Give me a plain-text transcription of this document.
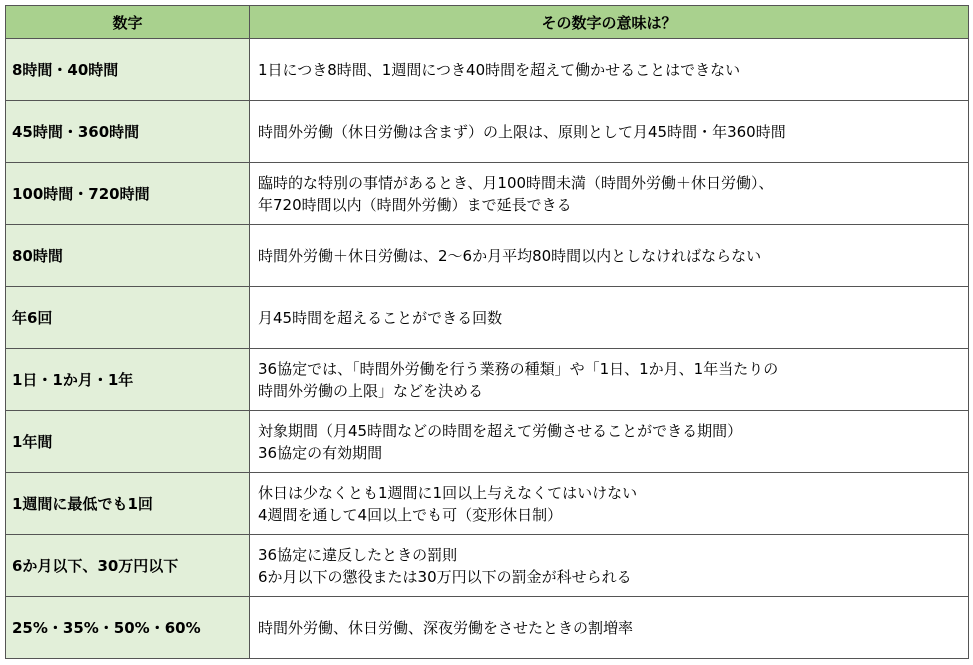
数字	その数字の意味は？
8時間・40時間	1日につき8時間、1週間につき40時間を超えて働かせることはできない

45時間・360時間	時間外労働（休日労働は含まず）の上限は、原則として月45時間・年360時間

100時間・720時間	臨時的な特別の事情があるとき、月100時間未満（時間外労働＋休日労働）、
年720時間以内（時間外労働）まで延長できる

80時間	時間外労働＋休日労働は、2～6か月平均80時間以内としなければならない

年6回	月45時間を超えることができる回数

1日・1か月・1年	36協定では、「時間外労働を行う業務の種類」や「1日、1か月、1年当たりの
時間外労働の上限」などを決める

1年間	対象期間（月45時間などの時間を超えて労働させることができる期間）
36協定の有効期間

1週間に最低でも1回	休日は少なくとも1週間に1回以上与えなくてはいけない
4週間を通して4回以上でも可（変形休日制）

6か月以下、30万円以下	36協定に違反したときの罰則
6か月以下の懲役または30万円以下の罰金が科せられる

25%・35%・50%・60%	時間外労働、休日労働、深夜労働をさせたときの割増率
